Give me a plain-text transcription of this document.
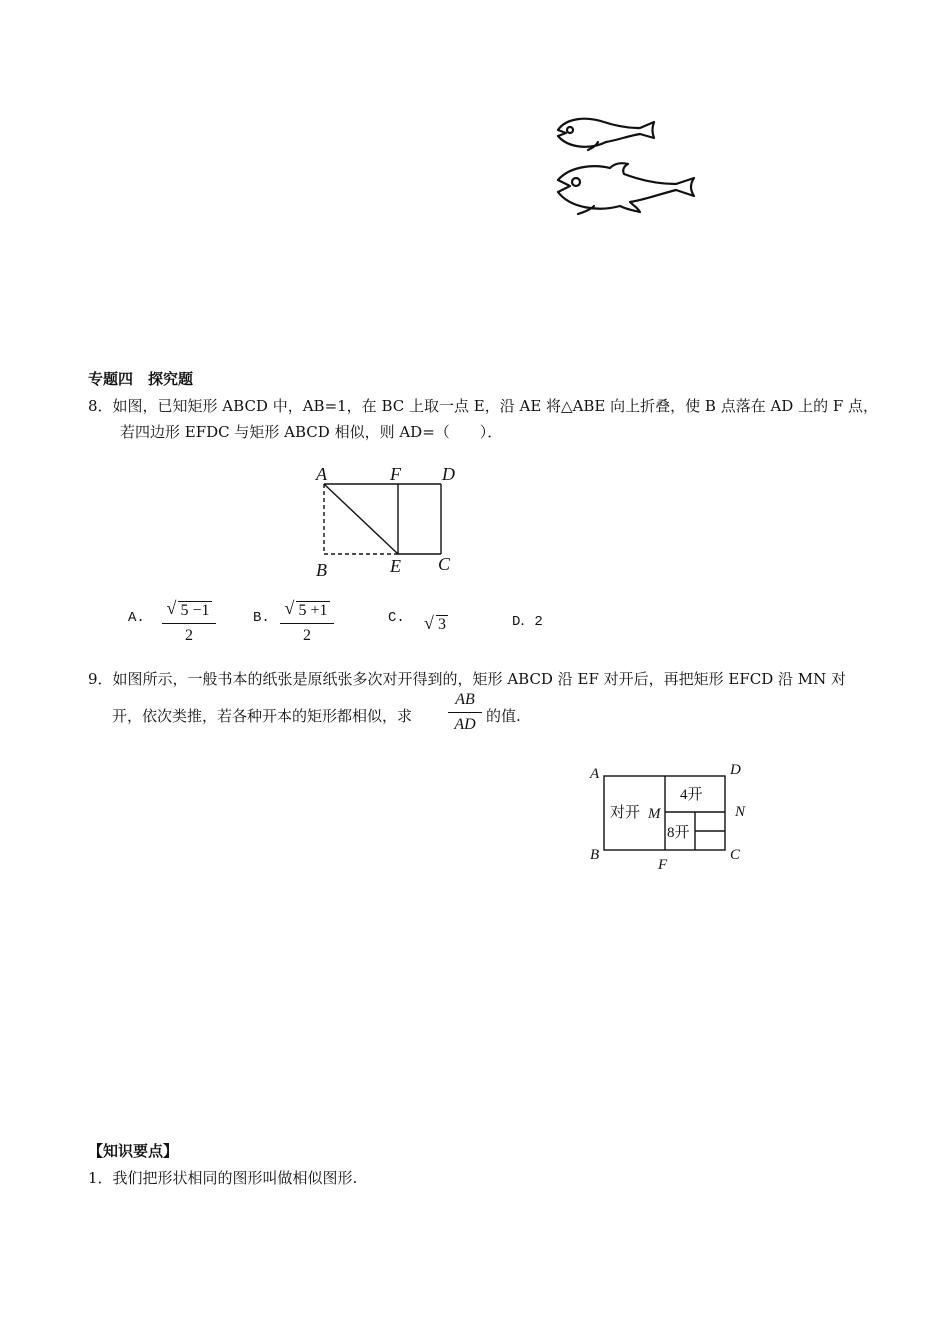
专题四　探究题
8．如图，已知矩形 ABCD 中，AB=1，在 BC 上取一点 E，沿 AE 将△ABE 向上折叠，使 B 点落在 AD 上的 F 点，
若四边形 EFDC 与矩形 ABCD 相似，则 AD=（　　）．
A	F D
B	E C
A. √ 5 −1
2
B. √ 5 +1
2
C. √ 3	D．2
9．如图所示，一般书本的纸张是原纸张多次对开得到的，矩形 ABCD 沿 EF 对开后，再把矩形 EFCD 沿 MN 对
开，依次类推，若各种开本的矩形都相似，求
AB
AD 的值.
A	D
B	C
F
N
M
对开
4开
8开
【知识要点】
1．我们把形状相同的图形叫做相似图形.
